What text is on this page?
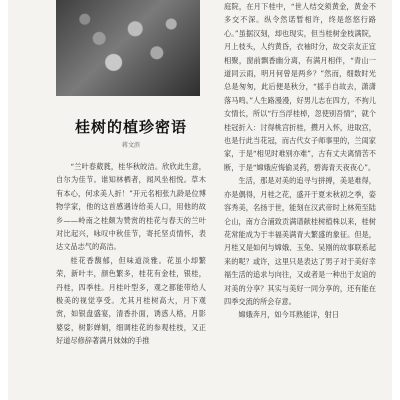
桂树的植珍密语
蒋文滨

“兰叶春葳蕤，桂华秋皎洁。欣欣此生意，自尔为佳节。谁知林栖者，闻风坐相悦。草木有本心，何求美人折！”开元名相张九龄是位博物学家，他的这首感遇诗给美人口，用他的故乡——岭南之桂颇为赞赏的桂花与春天的兰叶对比起兴，咏叹中秋佳节，寄托坚贞情怀，表达文品志气的高洁。

桂花香馥郁，但味道淡雅。花虽小却繁荣，新叶丰，颜色繁多，桂花有金桂，银桂，丹桂，四季桂。月桂叶型多，观之都能带给人极美的视觉享受。尤其月桂树高大，月下观赏，如银盘盛宴，清香扑面，诱惑人格，月影婆娑，树影婵娟，细调桂花的参观桂枝，又正好道尽修辞著满月妹妹的手推

庭院，在月下桂中，“世人结交须黄金，黄金不多交不深。纵令然诺暂相许，终是悠悠行路心。”虽据汉刻，却也现实，但当桂树金枝满院，月上枝头，人约黄昏，衣袖时分，故交亲友正宜相聚，窗前飘香幽分离，有满月相伴，“青山一道同云雨，明月何曾是两乡？”然而，细数时光总是匆匆，此后便是秋分，“摇手自故去，潇潇落马鸣。”人生路漫漫，好男儿志在四方，不拘儿女情长，所以“行当浮桂棹，忽使别吾情”，就个桂冠折入：讨得桃宫折桂，攒月入怀，进取宫，也是行此当花冠，而古代女子师事里的，兰闺家家，于是“相见时难别亦难”，古有丈夫离情苦不断，于是“嫦娥应悔偷灵药，碧海青天夜夜心”。

生活，那是对美的追寻与拼搏，美是难得，亦是偶得，月桂之花，盛开于夏末秋初之季，姿容秀美，名扬于世，能刻在汉武帝时上林苑至陆仑山，南方合浦致贡满谱献桂树植株以来，桂树花常能成为于丰福美满青大繁盛的象征。但是，月桂又是如何与嫦娥、玉兔、吴刚的故事联系起来的呢？或许，这里只是表达了男子对于美好幸福生活的追求与向往，又或者是一种出于友谊的对美的分享？其实与美好一同分享的，还有能在四季交流的所会存意。

嫦娥奔月，如今耳熟能详，射日
